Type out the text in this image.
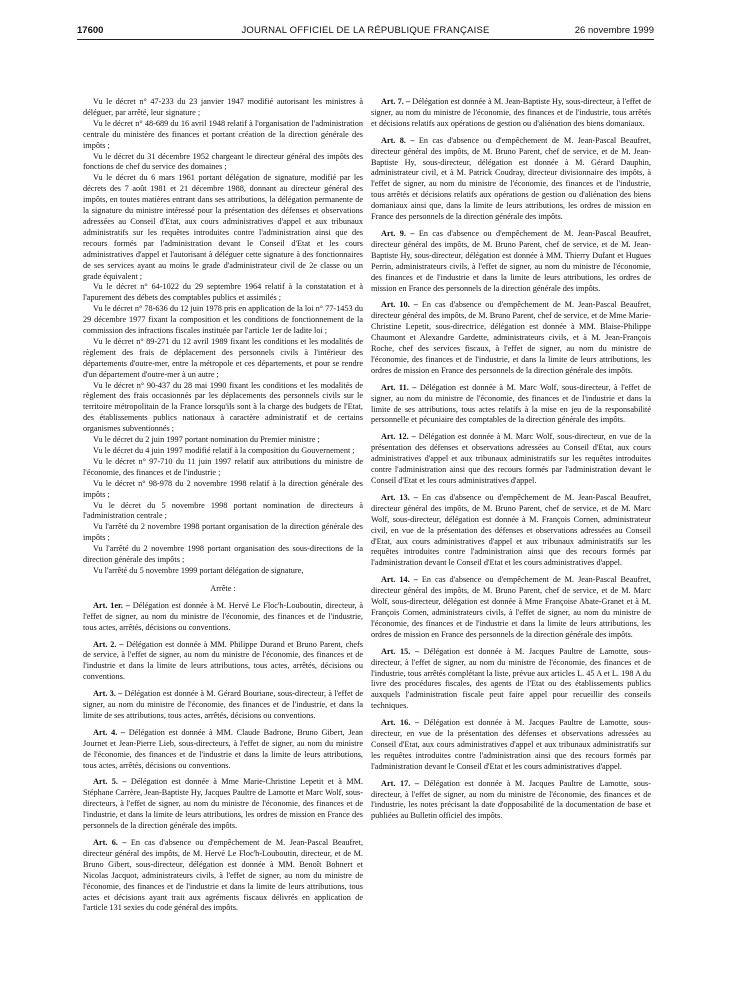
17600	JOURNAL OFFICIEL DE LA RÉPUBLIQUE FRANÇAISE	26 novembre 1999

Vu le décret n° 47-233 du 23 janvier 1947 modifié autorisant les ministres à déléguer, par arrêté, leur signature ;

Vu le décret n° 48-689 du 16 avril 1948 relatif à l'organisation de l'administration centrale du ministère des finances et portant création de la direction générale des impôts ;

Vu le décret du 31 décembre 1952 chargeant le directeur général des impôts des fonctions de chef du service des domaines ;

Vu le décret du 6 mars 1961 portant délégation de signature, modifié par les décrets des 7 août 1981 et 21 décembre 1988, donnant au directeur général des impôts, en toutes matières entrant dans ses attributions, la délégation permanente de la signature du ministre intéressé pour la présentation des défenses et observations adressées au Conseil d'Etat, aux cours administratives d'appel et aux tribunaux administratifs sur les requêtes introduites contre l'administration ainsi que des recours formés par l'administration devant le Conseil d'Etat et les cours administratives d'appel et l'autorisant à déléguer cette signature à des fonctionnaires de ses services ayant au moins le grade d'administrateur civil de 2e classe ou un grade équivalent ;

Vu le décret n° 64-1022 du 29 septembre 1964 relatif à la constatation et à l'apurement des débets des comptables publics et assimilés ;

Vu le décret n° 78-636 du 12 juin 1978 pris en application de la loi n° 77-1453 du 29 décembre 1977 fixant la composition et les conditions de fonctionnement de la commission des infractions fiscales instituée par l'article 1er de ladite loi ;

Vu le décret n° 89-271 du 12 avril 1989 fixant les conditions et les modalités de règlement des frais de déplacement des personnels civils à l'intérieur des départements d'outre-mer, entre la métropole et ces départements, et pour se rendre d'un département d'outre-mer à un autre ;

Vu le décret n° 90-437 du 28 mai 1990 fixant les conditions et les modalités de règlement des frais occasionnés par les déplacements des personnels civils sur le territoire métropolitain de la France lorsqu'ils sont à la charge des budgets de l'Etat, des établissements publics nationaux à caractère administratif et de certains organismes subventionnés ;

Vu le décret du 2 juin 1997 portant nomination du Premier ministre ;

Vu le décret du 4 juin 1997 modifié relatif à la composition du Gouvernement ;

Vu le décret n° 97-710 du 11 juin 1997 relatif aux attributions du ministre de l'économie, des finances et de l'industrie ;

Vu le décret n° 98-978 du 2 novembre 1998 relatif à la direction générale des impôts ;

Vu le décret du 5 novembre 1998 portant nomination de directeurs à l'administration centrale ;

Vu l'arrêté du 2 novembre 1998 portant organisation de la direction générale des impôts ;

Vu l'arrêté du 2 novembre 1998 portant organisation des sous-directions de la direction générale des impôts ;

Vu l'arrêté du 5 novembre 1999 portant délégation de signature,

Arrête :

Art. 1er. – Délégation est donnée à M. Hervé Le Floc'h-Louboutin, directeur, à l'effet de signer, au nom du ministre de l'économie, des finances et de l'industrie, tous actes, arrêtés, décisions ou conventions.

Art. 2. – Délégation est donnée à MM. Philippe Durand et Bruno Parent, chefs de service, à l'effet de signer, au nom du ministre de l'économie, des finances et de l'industrie et dans la limite de leurs attributions, tous actes, arrêtés, décisions ou conventions.

Art. 3. – Délégation est donnée à M. Gérard Bouriane, sous-directeur, à l'effet de signer, au nom du ministre de l'économie, des finances et de l'industrie, et dans la limite de ses attributions, tous actes, arrêtés, décisions ou conventions.

Art. 4. – Délégation est donnée à MM. Claude Badrone, Bruno Gibert, Jean Journet et Jean-Pierre Lieb, sous-directeurs, à l'effet de signer, au nom du ministre de l'économie, des finances et de l'industrie et dans la limite de leurs attributions, tous actes, arrêtés, décisions ou conventions.

Art. 5. – Délégation est donnée à Mme Marie-Christine Lepetit et à MM. Stéphane Carrère, Jean-Baptiste Hy, Jacques Paultre de Lamotte et Marc Wolf, sous-directeurs, à l'effet de signer, au nom du ministre de l'économie, des finances et de l'industrie, et dans la limite de leurs attributions, les ordres de mission en France des personnels de la direction générale des impôts.

Art. 6. – En cas d'absence ou d'empêchement de M. Jean-Pascal Beaufret, directeur général des impôts, de M. Hervé Le Floc'h-Louboutin, directeur, et de M. Bruno Gibert, sous-directeur, délégation est donnée à MM. Benoît Bohnert et Nicolas Jacquot, administrateurs civils, à l'effet de signer, au nom du ministre de l'économie, des finances et de l'industrie et dans la limite de leurs attributions, tous actes et décisions ayant trait aux agréments fiscaux délivrés en application de l'article 131 sexies du code général des impôts.

Art. 7. – Délégation est donnée à M. Jean-Baptiste Hy, sous-directeur, à l'effet de signer, au nom du ministre de l'économie, des finances et de l'industrie, tous arrêtés et décisions relatifs aux opérations de gestion ou d'aliénation des biens domaniaux.

Art. 8. – En cas d'absence ou d'empêchement de M. Jean-Pascal Beaufret, directeur général des impôts, de M. Bruno Parent, chef de service, et de M. Jean-Baptiste Hy, sous-directeur, délégation est donnée à M. Gérard Dauphin, administrateur civil, et à M. Patrick Coudray, directeur divisionnaire des impôts, à l'effet de signer, au nom du ministre de l'économie, des finances et de l'industrie, tous arrêtés et décisions relatifs aux opérations de gestion ou d'aliénation des biens domaniaux ainsi que, dans la limite de leurs attributions, les ordres de mission en France des personnels de la direction générale des impôts.

Art. 9. – En cas d'absence ou d'empêchement de M. Jean-Pascal Beaufret, directeur général des impôts, de M. Bruno Parent, chef de service, et de M. Jean-Baptiste Hy, sous-directeur, délégation est donnée à MM. Thierry Dufant et Hugues Perrin, administrateurs civils, à l'effet de signer, au nom du ministre de l'économie, des finances et de l'industrie et dans la limite de leurs attributions, les ordres de mission en France des personnels de la direction générale des impôts.

Art. 10. – En cas d'absence ou d'empêchement de M. Jean-Pascal Beaufret, directeur général des impôts, de M. Bruno Parent, chef de service, et de Mme Marie-Christine Lepetit, sous-directrice, délégation est donnée à MM. Blaise-Philippe Chaumont et Alexandre Gardette, administrateurs civils, et à M. Jean-François Roche, chef des services fiscaux, à l'effet de signer, au nom du ministre de l'économie, des finances et de l'industrie, et dans la limite de leurs attributions, les ordres de mission en France des personnels de la direction générale des impôts.

Art. 11. – Délégation est donnée à M. Marc Wolf, sous-directeur, à l'effet de signer, au nom du ministre de l'économie, des finances et de l'industrie et dans la limite de ses attributions, tous actes relatifs à la mise en jeu de la responsabilité personnelle et pécuniaire des comptables de la direction générale des impôts.

Art. 12. – Délégation est donnée à M. Marc Wolf, sous-directeur, en vue de la présentation des défenses et observations adressées au Conseil d'Etat, aux cours administratives d'appel et aux tribunaux administratifs sur les requêtes introduites contre l'administration ainsi que des recours formés par l'administration devant le Conseil d'Etat et les cours administratives d'appel.

Art. 13. – En cas d'absence ou d'empêchement de M. Jean-Pascal Beaufret, directeur général des impôts, de M. Bruno Parent, chef de service, et de M. Marc Wolf, sous-directeur, délégation est donnée à M. François Cornen, administrateur civil, en vue de la présentation des défenses et observations adressées au Conseil d'Etat, aux cours administratives d'appel et aux tribunaux administratifs sur les requêtes introduites contre l'administration ainsi que des recours formés par l'administration devant le Conseil d'Etat et les cours administratives d'appel.

Art. 14. – En cas d'absence ou d'empêchement de M. Jean-Pascal Beaufret, directeur général des impôts, de M. Bruno Parent, chef de service, et de M. Marc Wolf, sous-directeur, délégation est donnée à Mme Françoise Abate-Granet et à M. François Cornen, administrateurs civils, à l'effet de signer, au nom du ministre de l'économie, des finances et de l'industrie et dans la limite de leurs attributions, les ordres de mission en France des personnels de la direction générale des impôts.

Art. 15. – Délégation est donnée à M. Jacques Paultre de Lamotte, sous-directeur, à l'effet de signer, au nom du ministre de l'économie, des finances et de l'industrie, tous arrêtés complétant la liste, prévue aux articles L. 45 A et L. 198 A du livre des procédures fiscales, des agents de l'Etat ou des établissements publics auxquels l'administration fiscale peut faire appel pour recueillir des conseils techniques.

Art. 16. – Délégation est donnée à M. Jacques Paultre de Lamotte, sous-directeur, en vue de la présentation des défenses et observations adressées au Conseil d'Etat, aux cours administratives d'appel et aux tribunaux administratifs sur les requêtes introduites contre l'administration ainsi que des recours formés par l'administration devant le Conseil d'Etat et les cours administratives d'appel.

Art. 17. – Délégation est donnée à M. Jacques Paultre de Lamotte, sous-directeur, à l'effet de signer, au nom du ministre de l'économie, des finances et de l'industrie, les notes précisant la date d'opposabilité de la documentation de base et publiées au Bulletin officiel des impôts.
